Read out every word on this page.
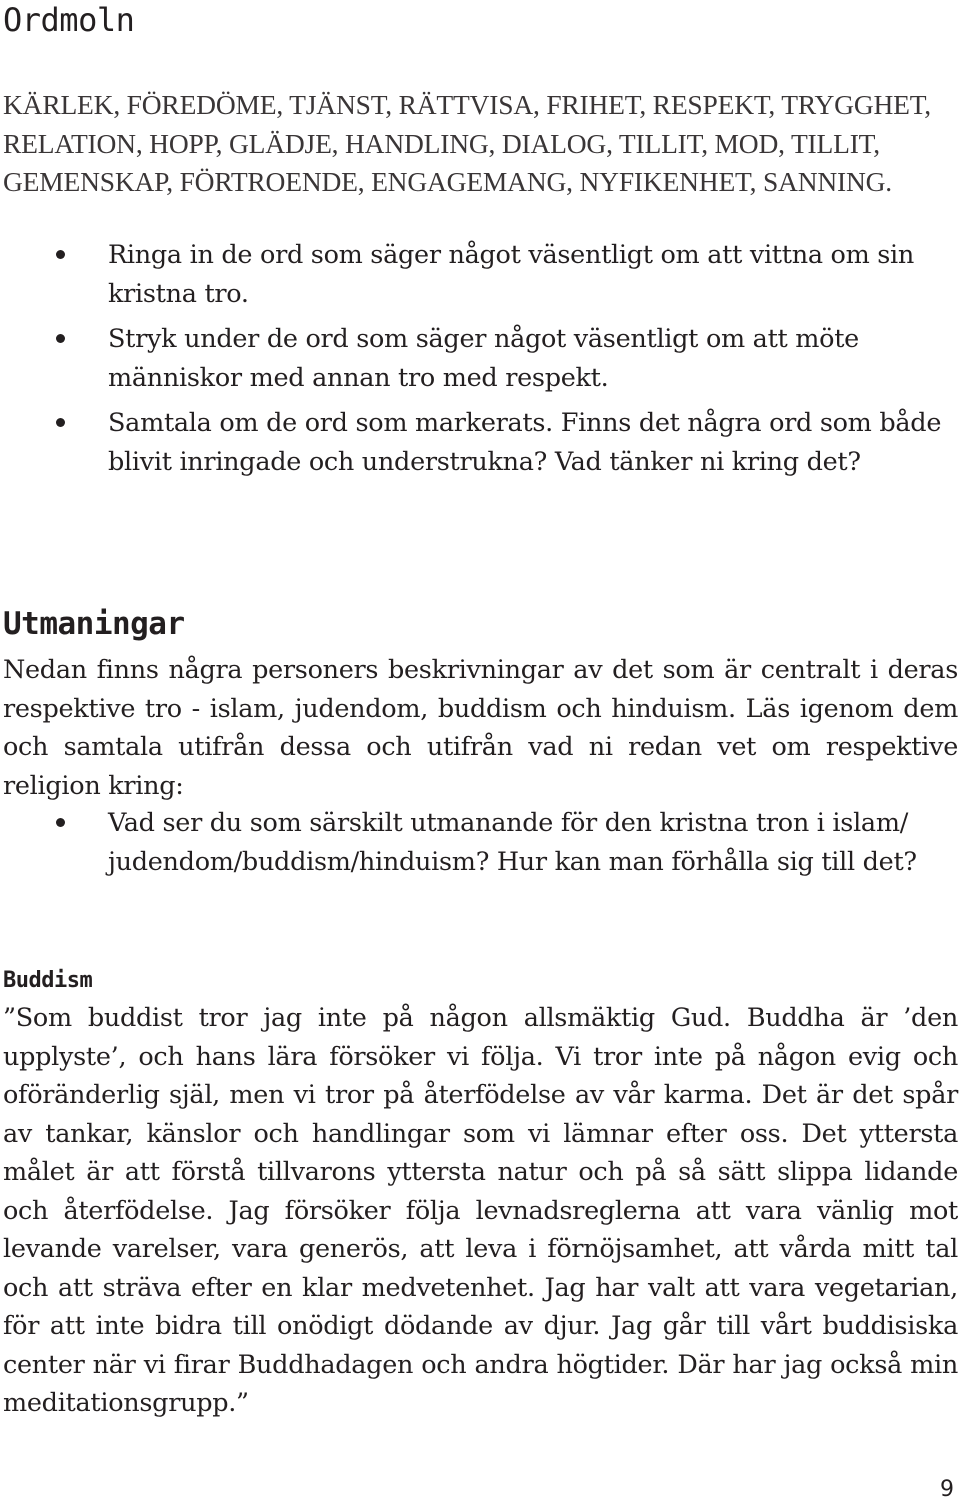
Ordmoln

KÄRLEK, FÖREDÖME, TJÄNST, RÄTTVISA, FRIHET, RESPEKT, TRYGGHET, RELATION, HOPP, GLÄDJE, HANDLING, DIALOG, TILLIT, MOD, TILLIT, GEMENSKAP, FÖRTROENDE, ENGAGEMANG, NYFIKENHET, SANNING.

Ringa in de ord som säger något väsentligt om att vittna om sin kristna tro.
Stryk under de ord som säger något väsentligt om att möte människor med annan tro med respekt.
Samtala om de ord som markerats. Finns det några ord som både blivit inringade och understrukna? Vad tänker ni kring det?
Utmaningar

Nedan finns några personers beskrivningar av det som är centralt i deras respektive tro - islam, judendom, buddism och hinduism. Läs igenom dem och samtala utifrån dessa och utifrån vad ni redan vet om respektive religion kring:

Vad ser du som särskilt utmanande för den kristna tron i islam/ judendom/buddism/hinduism? Hur kan man förhålla sig till det?
Buddism

”Som buddist tror jag inte på någon allsmäktig Gud. Buddha är ’den upplyste’, och hans lära försöker vi följa. Vi tror inte på någon evig och oföränderlig själ, men vi tror på återfödelse av vår karma. Det är det spår av tankar, känslor och handlingar som vi lämnar efter oss. Det yttersta målet är att förstå tillvarons yttersta natur och på så sätt slippa lidande och återfödelse. Jag försöker följa levnadsreglerna att vara vänlig mot levande varelser, vara generös, att leva i förnöjsamhet, att vårda mitt tal och att sträva efter en klar medvetenhet. Jag har valt att vara vegetarian, för att inte bidra till onödigt dödande av djur. Jag går till vårt buddisiska center när vi firar Buddhadagen och andra högtider. Där har jag också min meditationsgrupp.”

9
